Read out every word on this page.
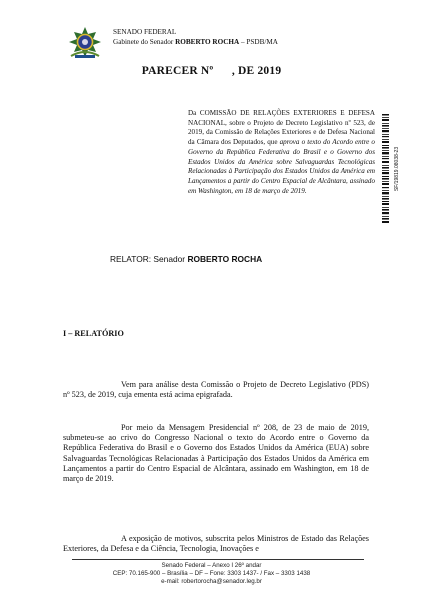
SENADO FEDERAL
Gabinete do Senador ROBERTO ROCHA – PSDB/MA
PARECER Nº      , DE 2019
Da COMISSÃO DE RELAÇÕES EXTERIORES E DEFESA NACIONAL, sobre o Projeto de Decreto Legislativo nº 523, de 2019, da Comissão de Relações Exteriores e de Defesa Nacional da Câmara dos Deputados, que aprova o texto do Acordo entre o Governo da República Federativa do Brasil e o Governo dos Estados Unidos da América sobre Salvaguardas Tecnológicas Relacionadas à Participação dos Estados Unidos da América em Lançamentos a partir do Centro Espacial de Alcântara, assinado em Washington, em 18 de março de 2019.	SF/19819.08038-23
RELATOR: Senador ROBERTO ROCHA
I – RELATÓRIO

Vem para análise desta Comissão o Projeto de Decreto Legislativo (PDS) nº 523, de 2019, cuja ementa está acima epigrafada.

Por meio da Mensagem Presidencial nº 208, de 23 de maio de 2019, submeteu-se ao crivo do Congresso Nacional o texto do Acordo entre o Governo da República Federativa do Brasil e o Governo dos Estados Unidos da América (EUA) sobre Salvaguardas Tecnológicas Relacionadas à Participação dos Estados Unidos da América em Lançamentos a partir do Centro Espacial de Alcântara, assinado em Washington, em 18 de março de 2019.

A exposição de motivos, subscrita pelos Ministros de Estado das Relações Exteriores, da Defesa e da Ciência, Tecnologia, Inovações e

Senado Federal – Anexo I 26º andar
CEP: 70.165-900 – Brasília – DF – Fone: 3303 1437- / Fax – 3303 1438
e-mail: robertorocha@senador.leg.br
